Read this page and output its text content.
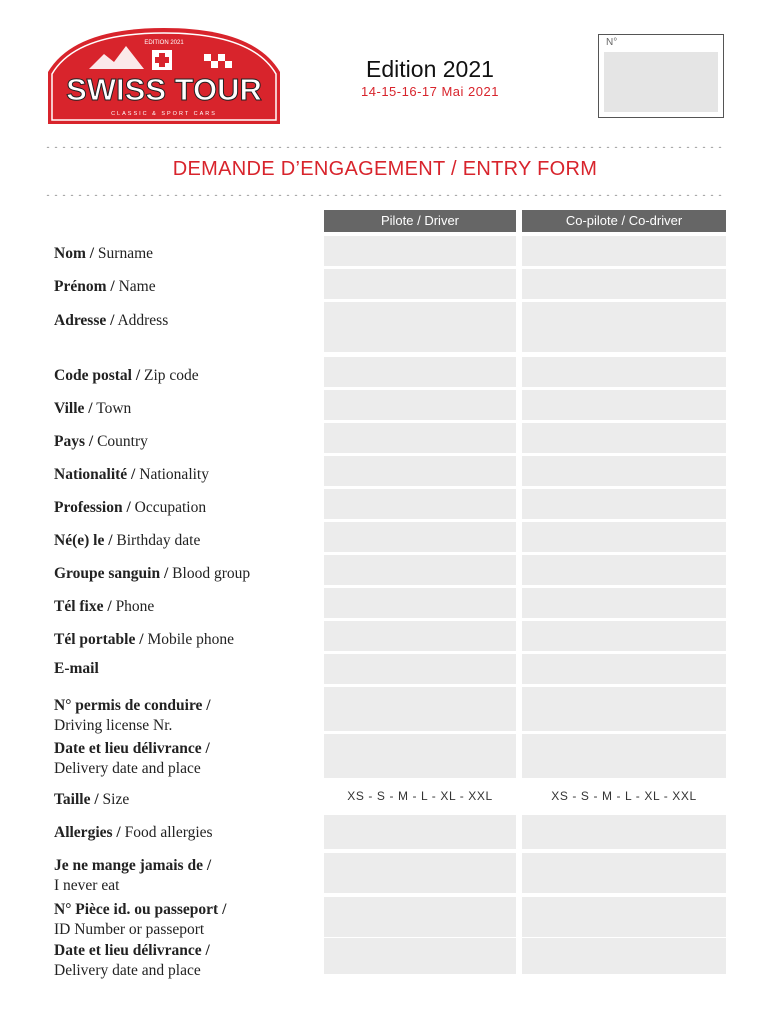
EDITION 2021
SWISS TOUR
CLASSIC & SPORT CARS
Edition 2021
14-15-16-17 Mai 2021
N°
DEMANDE D’ENGAGEMENT / ENTRY FORM
Pilote / Driver	Co-pilote / Co-driver
Nom / Surname
Prénom / Name
Adresse / Address
Code postal / Zip code
Ville / Town
Pays / Country
Nationalité / Nationality
Profession / Occupation
Né(e) le / Birthday date
Groupe sanguin / Blood group
Tél fixe / Phone
Tél portable / Mobile phone
E-mail
N° permis de conduire /
Driving license Nr.
Date et lieu délivrance /
Delivery date and place
Taille / Size	XS - S - M - L - XL - XXL	XS - S - M - L - XL - XXL
Allergies / Food allergies
Je ne mange jamais de /
I never eat
N° Pièce id. ou passeport /
ID Number or passeport
Date et lieu délivrance /
Delivery date and place
